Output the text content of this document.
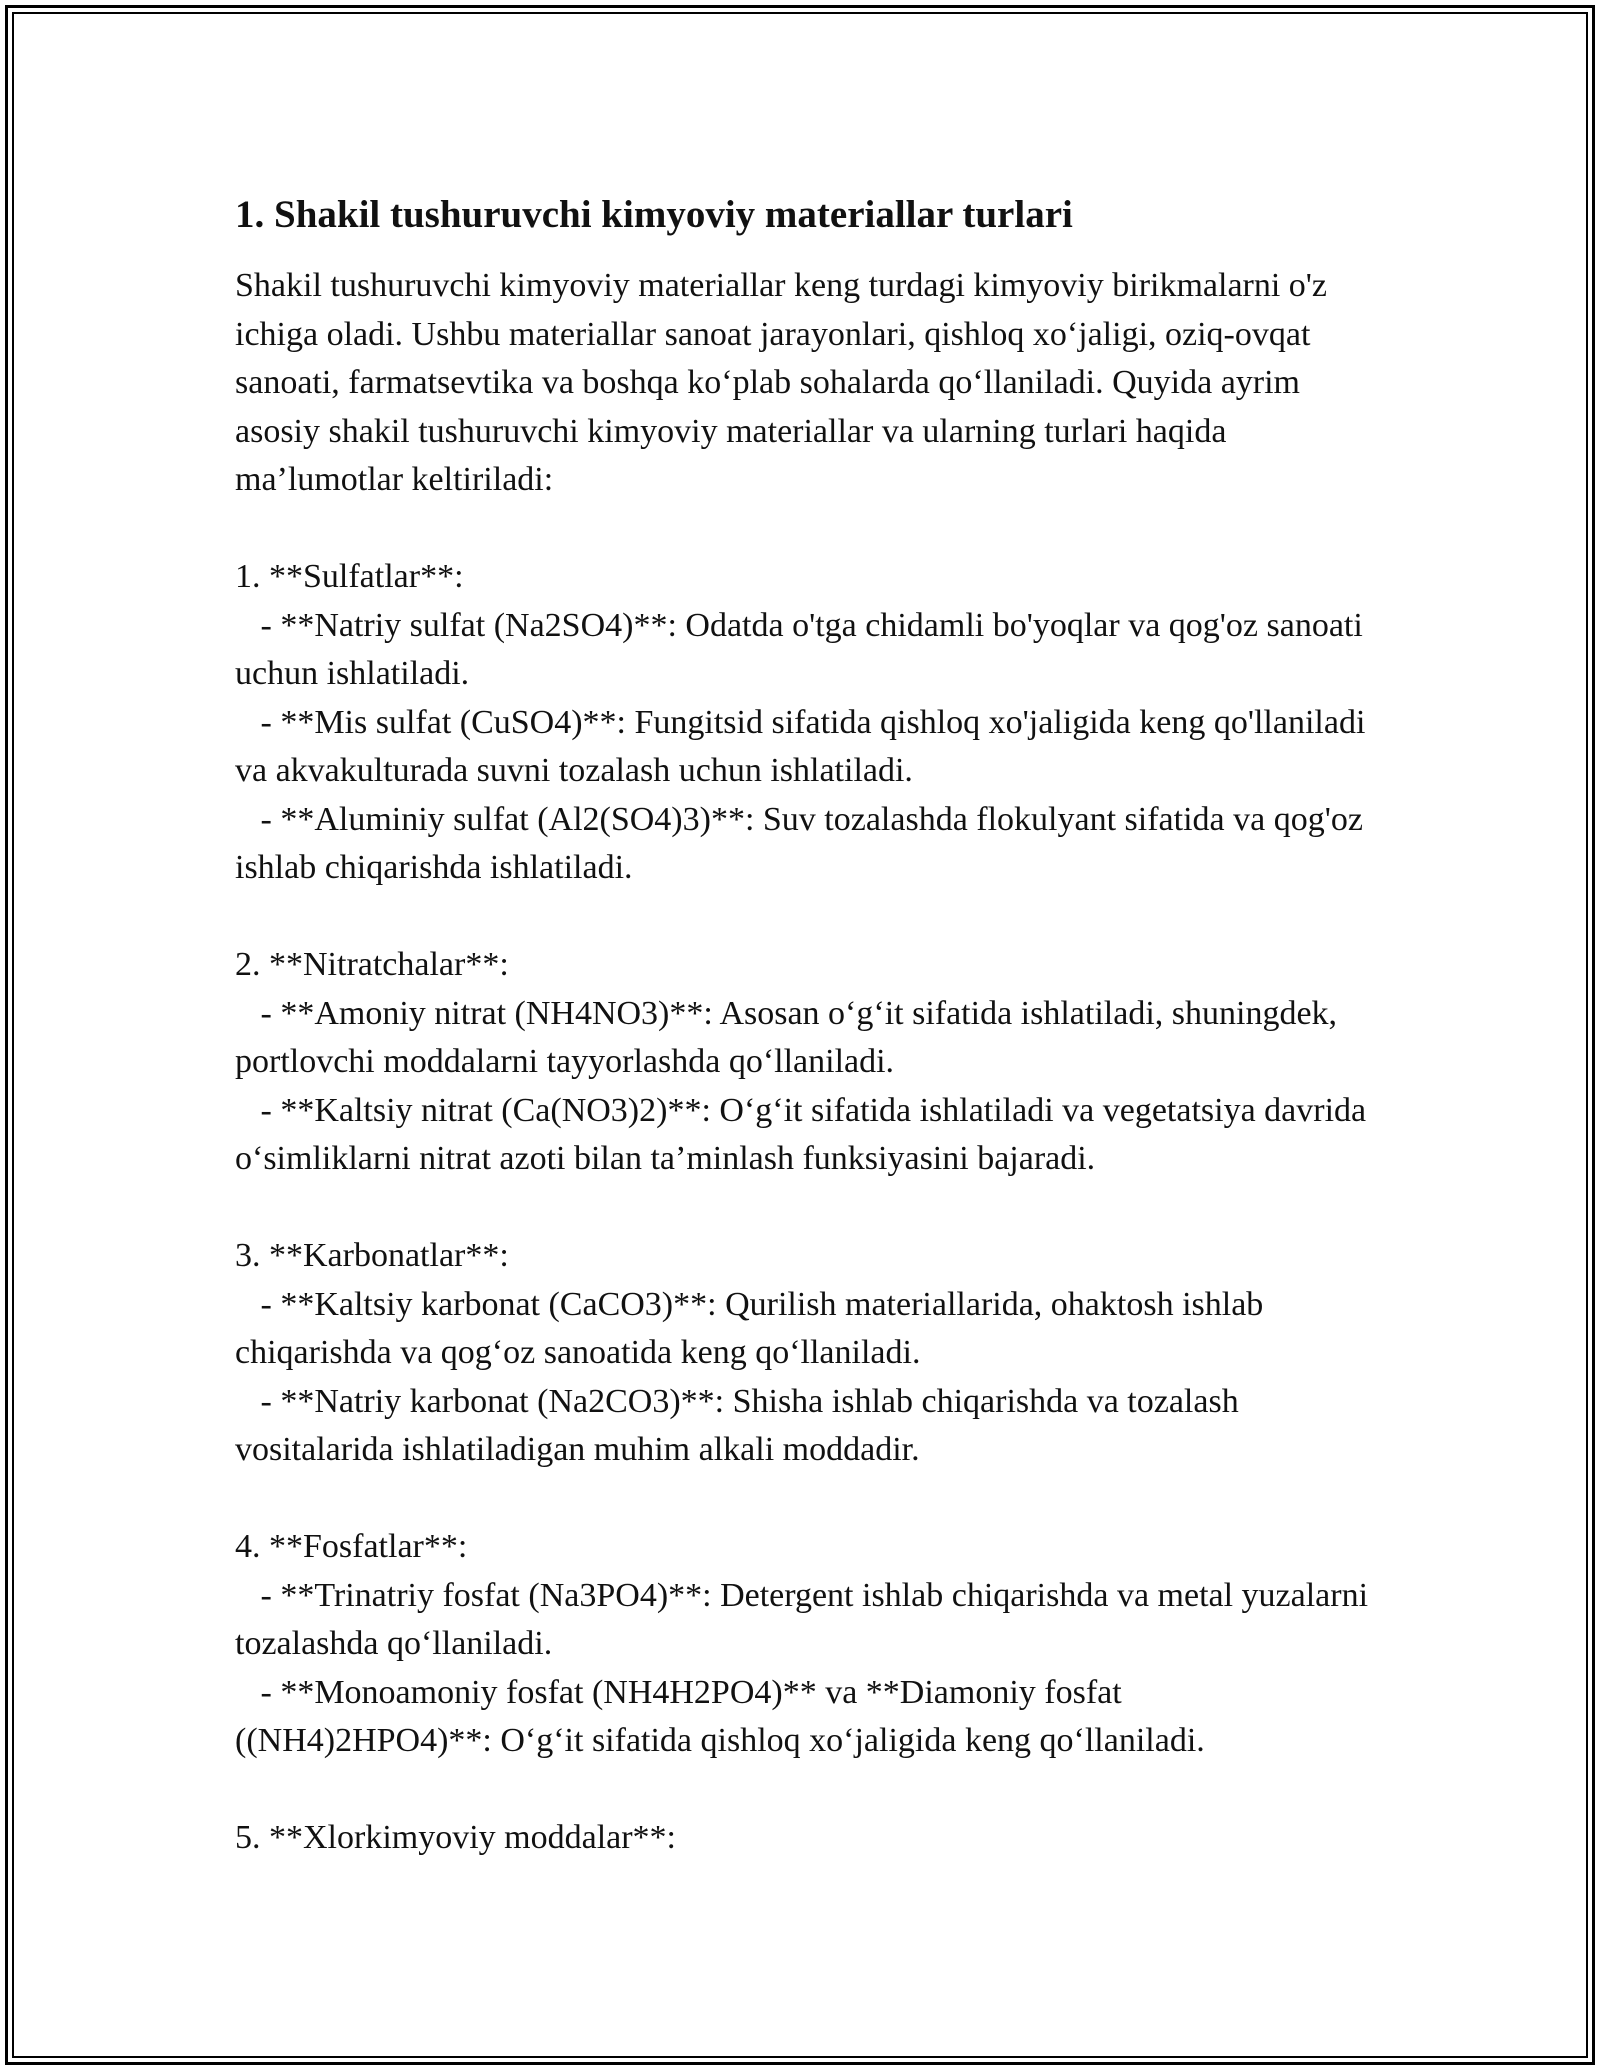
1. Shakil tushuruvchi kimyoviy materiallar turlari

Shakil tushuruvchi kimyoviy materiallar keng turdagi kimyoviy birikmalarni o'z ichiga oladi. Ushbu materiallar sanoat jarayonlari, qishloq xo‘jaligi, oziq-ovqat sanoati, farmatsevtika va boshqa ko‘plab sohalarda qo‘llaniladi. Quyida ayrim asosiy shakil tushuruvchi kimyoviy materiallar va ularning turlari haqida ma’lumotlar keltiriladi:

1. **Sulfatlar**:
- **Natriy sulfat (Na2SO4)**: Odatda o'tga chidamli bo'yoqlar va qog'oz sanoati uchun ishlatiladi.
- **Mis sulfat (CuSO4)**: Fungitsid sifatida qishloq xo'jaligida keng qo'llaniladi va akvakulturada suvni tozalash uchun ishlatiladi.
- **Aluminiy sulfat (Al2(SO4)3)**: Suv tozalashda flokulyant sifatida va qog'oz ishlab chiqarishda ishlatiladi.

2. **Nitratchalar**:
- **Amoniy nitrat (NH4NO3)**: Asosan o‘g‘it sifatida ishlatiladi, shuningdek, portlovchi moddalarni tayyorlashda qo‘llaniladi.
- **Kaltsiy nitrat (Ca(NO3)2)**: O‘g‘it sifatida ishlatiladi va vegetatsiya davrida o‘simliklarni nitrat azoti bilan ta’minlash funksiyasini bajaradi.

3. **Karbonatlar**:
- **Kaltsiy karbonat (CaCO3)**: Qurilish materiallarida, ohaktosh ishlab chiqarishda va qog‘oz sanoatida keng qo‘llaniladi.
- **Natriy karbonat (Na2CO3)**: Shisha ishlab chiqarishda va tozalash vositalarida ishlatiladigan muhim alkali moddadir.

4. **Fosfatlar**:
- **Trinatriy fosfat (Na3PO4)**: Detergent ishlab chiqarishda va metal yuzalarni tozalashda qo‘llaniladi.
- **Monoamoniy fosfat (NH4H2PO4)** va **Diamoniy fosfat ((NH4)2HPO4)**: O‘g‘it sifatida qishloq xo‘jaligida keng qo‘llaniladi.

5. **Xlorkimyoviy moddalar**:
